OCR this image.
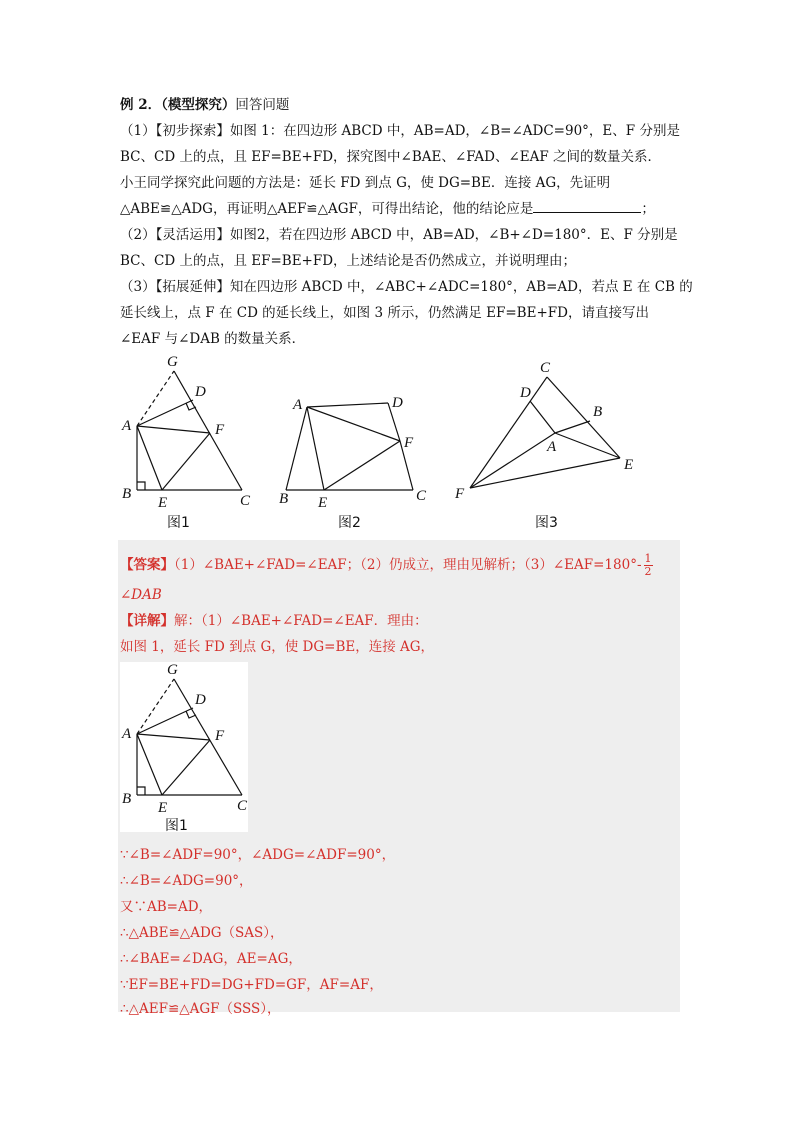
例 2．（模型探究）回答问题
（1）【初步探索】如图 1：在四边形 ABCD 中，AB=AD，∠B=∠ADC=90°，E、F 分别是
BC、CD 上的点，且 EF=BE+FD，探究图中∠BAE、∠FAD、∠EAF 之间的数量关系．
小王同学探究此问题的方法是：延长 FD 到点 G，使 DG=BE．连接 AG，先证明
△ABE≌△ADG，再证明△AEF≌△AGF，可得出结论，他的结论应是	；
（2）【灵活运用】如图2，若在四边形 ABCD 中，AB=AD，∠B+∠D=180°．E、F 分别是
BC、CD 上的点，且 EF=BE+FD，上述结论是否仍然成立，并说明理由；
（3）【拓展延伸】知在四边形 ABCD 中，∠ABC+∠ADC=180°，AB=AD，若点 E 在 CB 的
延长线上，点 F 在 CD 的延长线上，如图 3 所示，仍然满足 EF=BE+FD，请直接写出
∠EAF 与∠DAB 的数量关系．
G
D
A	F
B
E	C
图1
A	D
F
B E	C
图2
C
D
B
A
E
F
图3
【答案】（1）∠BAE+∠FAD=∠EAF；（2）仍成立，理由见解析；（3）∠EAF=180°- $\frac{1}{2}$
∠DAB
【详解】解：（1）∠BAE+∠FAD=∠EAF．理由：
如图 1，延长 FD 到点 G，使 DG=BE，连接 AG，
G
D
A	F
B
E	C
图1
∵∠B=∠ADF=90°，∠ADG=∠ADF=90°，
∴∠B=∠ADG=90°，
又∵AB=AD，
∴△ABE≌△ADG（SAS），
∴∠BAE=∠DAG，AE=AG，
∵EF=BE+FD=DG+FD=GF，AF=AF，
∴△AEF≌△AGF（SSS），
